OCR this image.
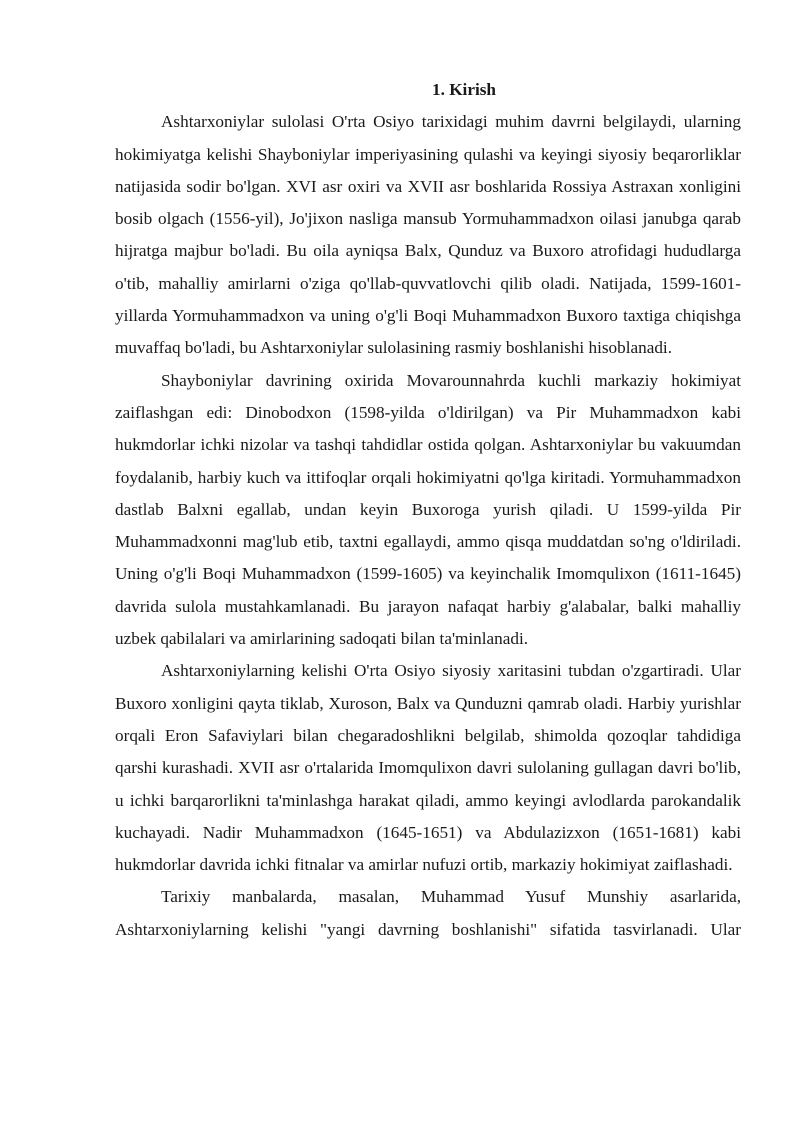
1. Kirish

Ashtarxoniylar sulolasi O'rta Osiyo tarixidagi muhim davrni belgilaydi, ularning hokimiyatga kelishi Shayboniylar imperiyasining qulashi va keyingi siyosiy beqarorliklar natijasida sodir bo'lgan. XVI asr oxiri va XVII asr boshlarida Rossiya Astraxan xonligini bosib olgach (1556-yil), Jo'jixon nasliga mansub Yormuhammadxon oilasi janubga qarab hijratga majbur bo'ladi. Bu oila ayniqsa Balx, Qunduz va Buxoro atrofidagi hududlarga o'tib, mahalliy amirlarni o'ziga qo'llab-quvvatlovchi qilib oladi. Natijada, 1599-1601-yillarda Yormuhammadxon va uning o'g'li Boqi Muhammadxon Buxoro taxtiga chiqishga muvaffaq bo'ladi, bu Ashtarxoniylar sulolasining rasmiy boshlanishi hisoblanadi.

Shayboniylar davrining oxirida Movarounnahrda kuchli markaziy hokimiyat zaiflashgan edi: Dinobodxon (1598-yilda o'ldirilgan) va Pir Muhammadxon kabi hukmdorlar ichki nizolar va tashqi tahdidlar ostida qolgan. Ashtarxoniylar bu vakuumdan foydalanib, harbiy kuch va ittifoqlar orqali hokimiyatni qo'lga kiritadi. Yormuhammadxon dastlab Balxni egallab, undan keyin Buxoroga yurish qiladi. U 1599-yilda Pir Muhammadxonni mag'lub etib, taxtni egallaydi, ammo qisqa muddatdan so'ng o'ldiriladi. Uning o'g'li Boqi Muhammadxon (1599-1605) va keyinchalik Imomqulixon (1611-1645) davrida sulola mustahkamlanadi. Bu jarayon nafaqat harbiy g'alabalar, balki mahalliy uzbek qabilalari va amirlarining sadoqati bilan ta'minlanadi.

Ashtarxoniylarning kelishi O'rta Osiyo siyosiy xaritasini tubdan o'zgartiradi. Ular Buxoro xonligini qayta tiklab, Xuroson, Balx va Qunduzni qamrab oladi. Harbiy yurishlar orqali Eron Safaviylari bilan chegaradoshlikni belgilab, shimolda qozoqlar tahdidiga qarshi kurashadi. XVII asr o'rtalarida Imomqulixon davri sulolaning gullagan davri bo'lib, u ichki barqarorlikni ta'minlashga harakat qiladi, ammo keyingi avlodlarda parokandalik kuchayadi. Nadir Muhammadxon (1645-1651) va Abdulazizxon (1651-1681) kabi hukmdorlar davrida ichki fitnalar va amirlar nufuzi ortib, markaziy hokimiyat zaiflashadi.

Tarixiy manbalarda, masalan, Muhammad Yusuf Munshiy asarlarida, Ashtarxoniylarning kelishi "yangi davrning boshlanishi" sifatida tasvirlanadi. Ular
